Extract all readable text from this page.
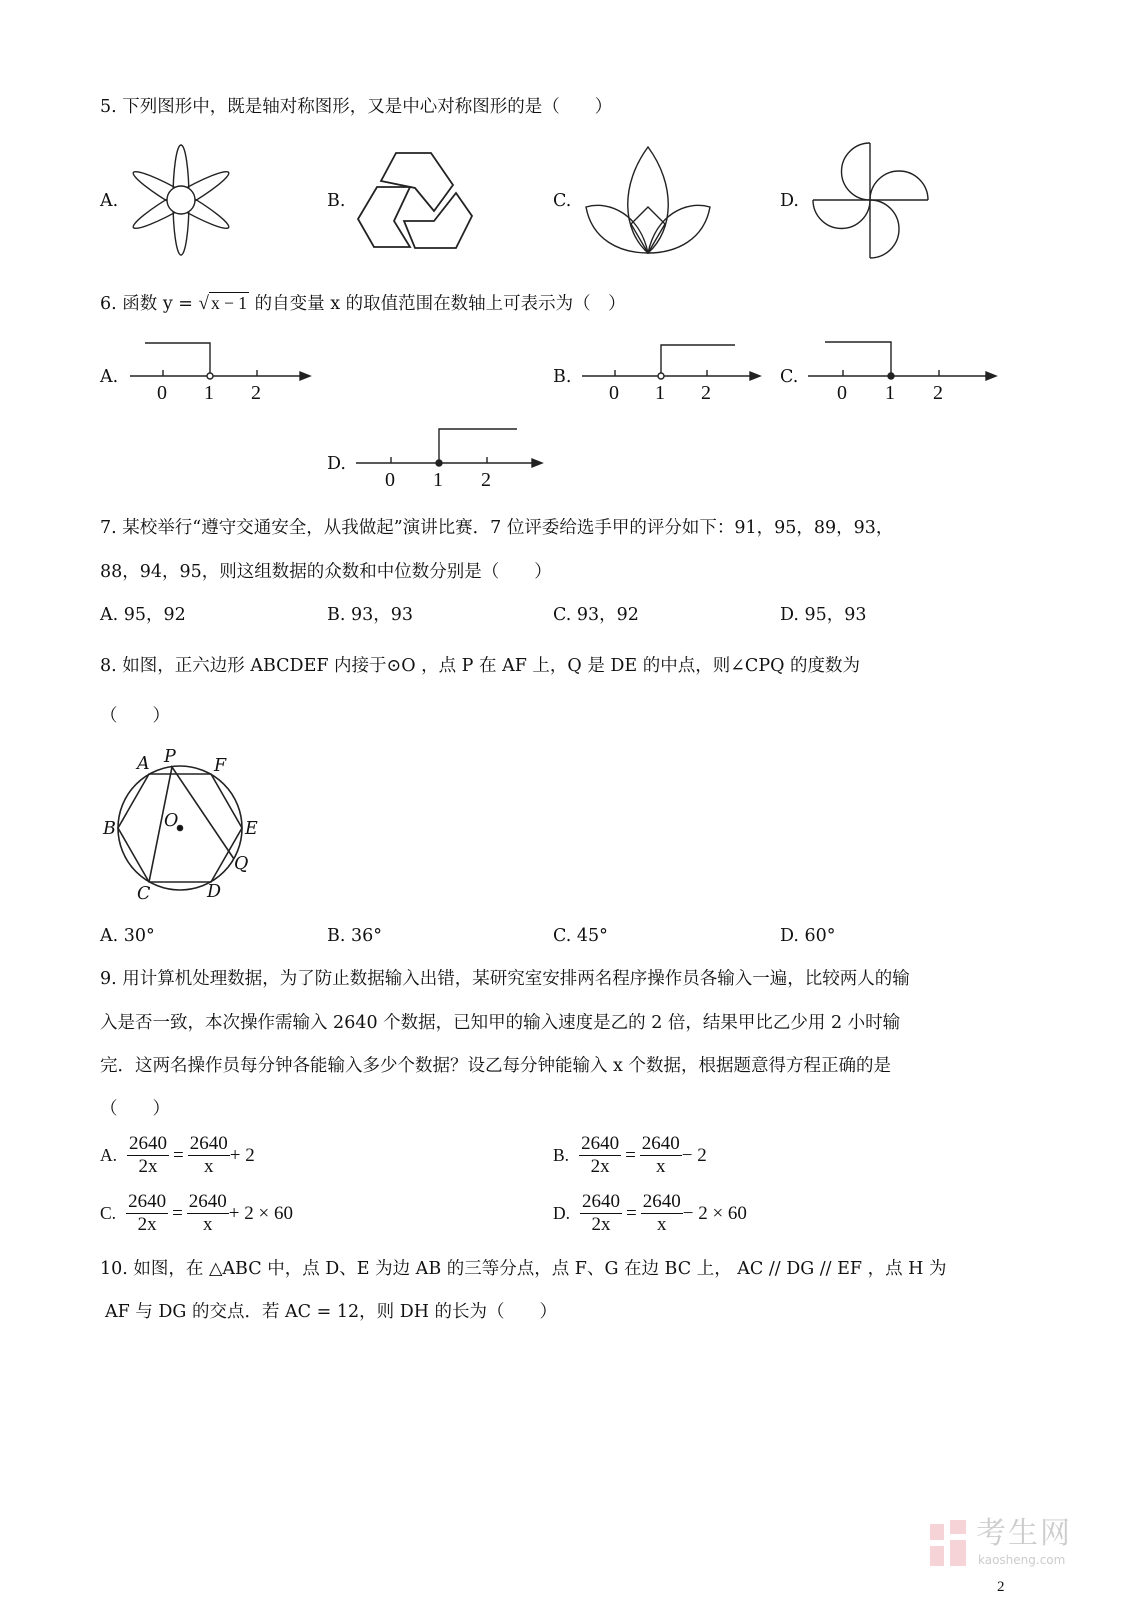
5. 下列图形中，既是轴对称图形，又是中心对称图形的是（　　）
A.	B.	C.	D.
6. 函数 y = √ x − 1 的自变量 x 的取值范围在数轴上可表示为（　）
A.	B.	C.
D.
0 1 2	0 1 2	0 1 2
0 1 2
7. 某校举行“遵守交通安全，从我做起”演讲比赛．7 位评委给选手甲的评分如下：91，95，89，93，
88，94，95，则这组数据的众数和中位数分别是（　　）
A. 95，92	B. 93，93	C. 93，92	D. 95，93
8. 如图，正六边形 ABCDEF 内接于⊙O ，点 P 在 AF 上，Q 是 DE 的中点，则∠CPQ 的度数为
（　　）
A P F
B	O	E
Q
C	D
A. 30°	B. 36°	C. 45°	D. 60°
9. 用计算机处理数据，为了防止数据输入出错，某研究室安排两名程序操作员各输入一遍，比较两人的输
入是否一致，本次操作需输入 2640 个数据，已知甲的输入速度是乙的 2 倍，结果甲比乙少用 2 小时输
完．这两名操作员每分钟各能输入多少个数据？设乙每分钟能输入 x 个数据，根据题意得方程正确的是
（　　）
A. $\frac{2640}{2x} = \frac{2640}{x} + 2$	B. $\frac{2640}{2x} = \frac{2640}{x} - 2$
C. $\frac{2640}{2x} = \frac{2640}{x} + 2 \times 60$	D. $\frac{2640}{2x} = \frac{2640}{x} - 2 \times 60$
10. 如图，在 △ABC 中，点 D、E 为边 AB 的三等分点，点 F、G 在边 BC 上， AC // DG // EF ，点 H 为
AF 与 DG 的交点．若 AC = 12，则 DH 的长为（　　）
考生网
kaosheng.com
2
